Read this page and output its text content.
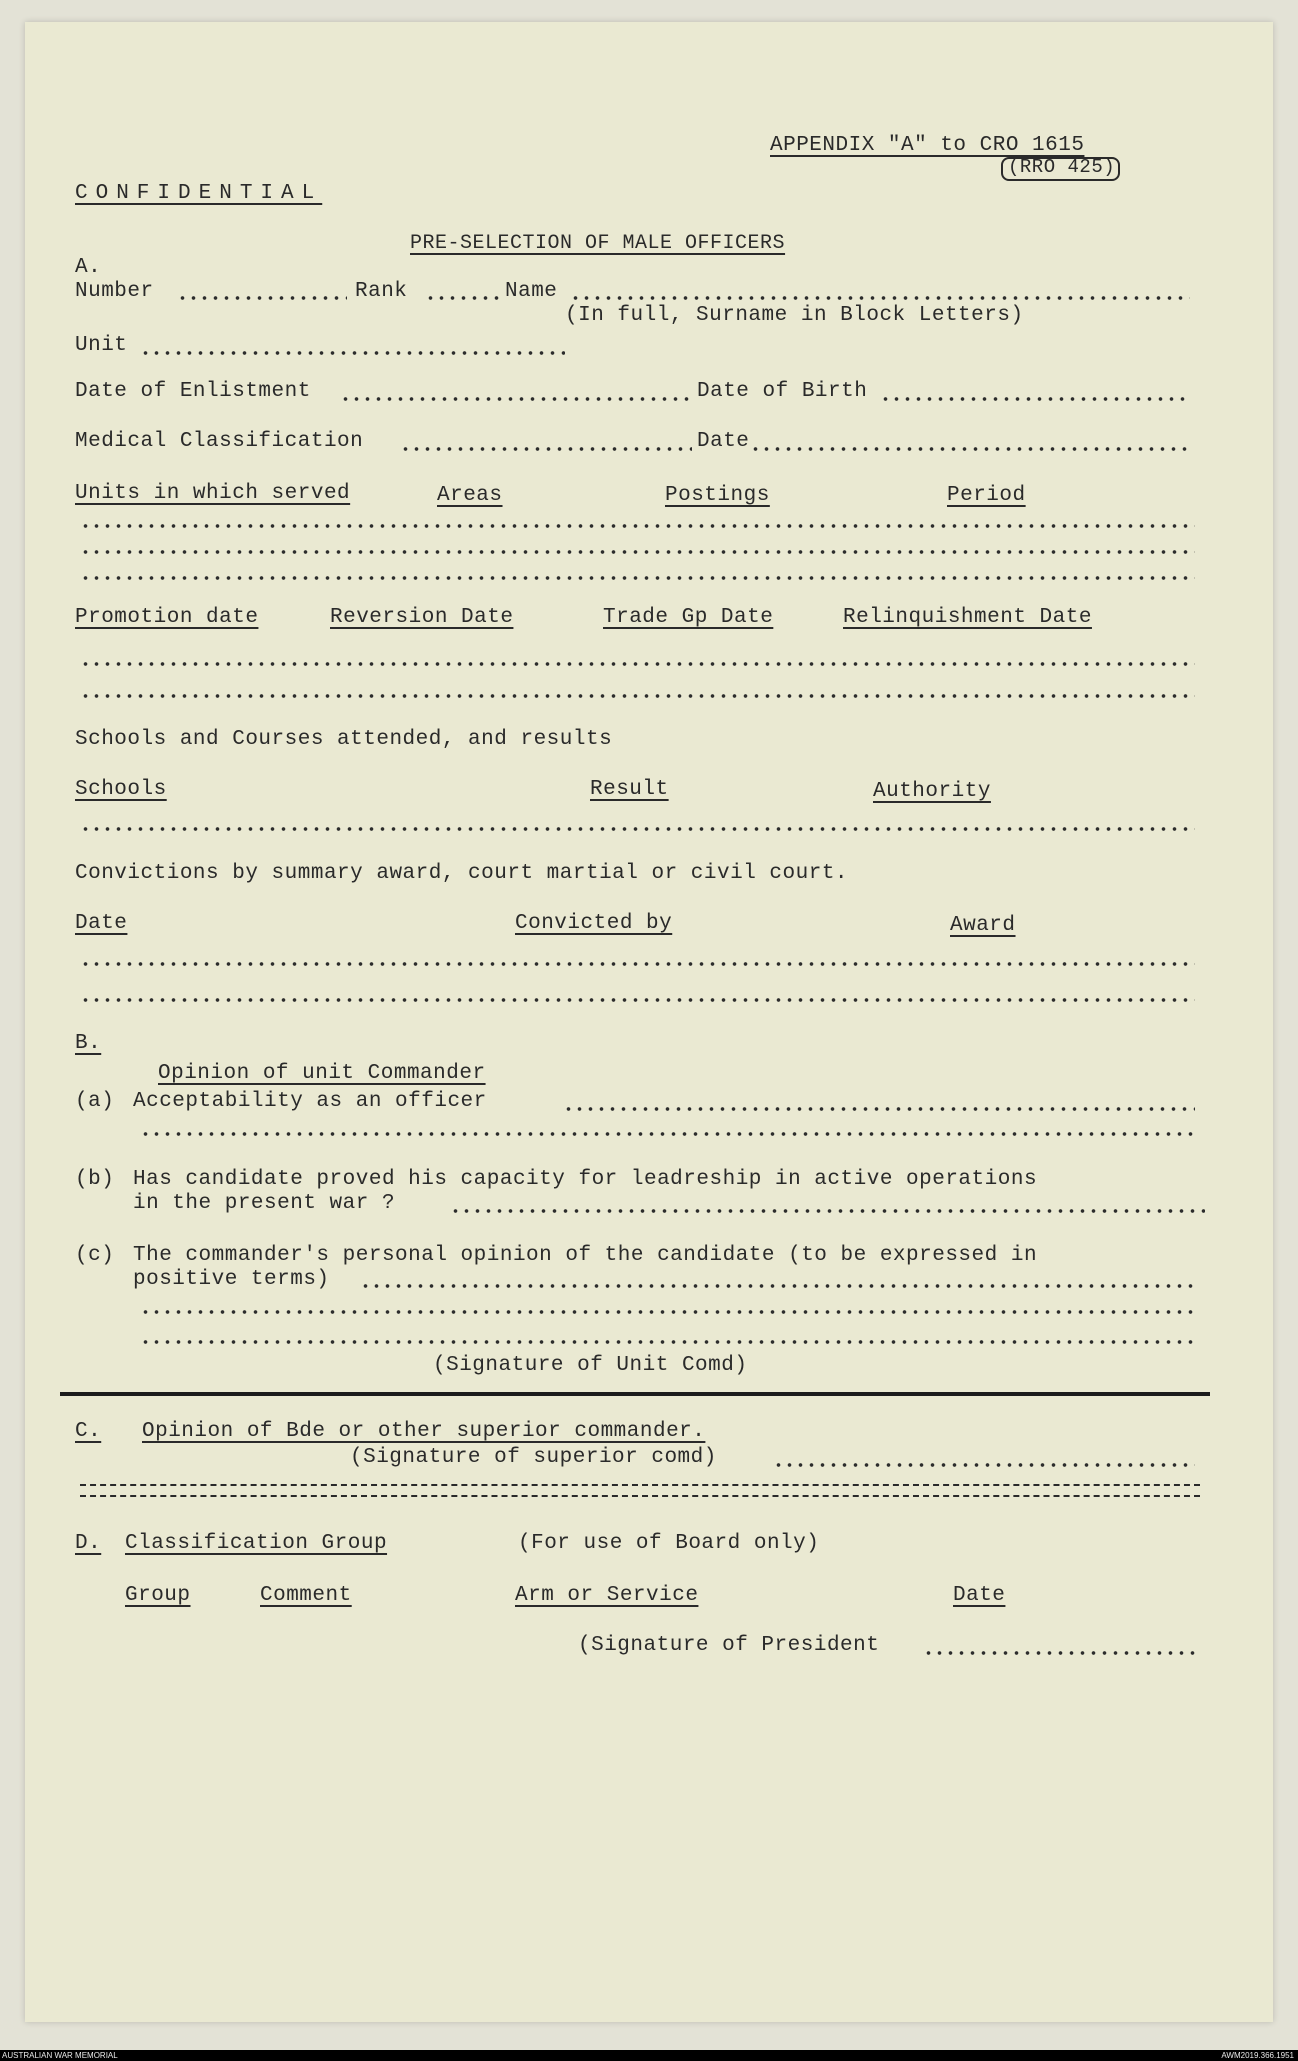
APPENDIX "A" to CRO 1615
(RRO 425)
CONFIDENTIAL
PRE-SELECTION OF MALE OFFICERS
A.
Number	Rank	Name
(In full, Surname in Block Letters)
Unit
Date of Enlistment	Date of Birth
Medical Classification	Date
Units in which served	Areas	Postings	Period
Promotion date	Reversion Date	Trade Gp Date	Relinquishment Date
Schools and Courses attended, and results
Schools	Result	Authority
Convictions by summary award, court martial or civil court.
Date	Convicted by	Award
B.
Opinion of unit Commander
(a) Acceptability as an officer
(b) Has candidate proved his capacity for leadreship in active operations
in the present war ?
(c) The commander's personal opinion of the candidate (to be expressed in
positive terms)
(Signature of Unit Comd)
C. Opinion of Bde or other superior commander.
(Signature of superior comd)
D. Classification Group	(For use of Board only)
Group	Comment	Arm or Service	Date
(Signature of President
AUSTRALIAN WAR MEMORIAL	AWM2019.366.1951
